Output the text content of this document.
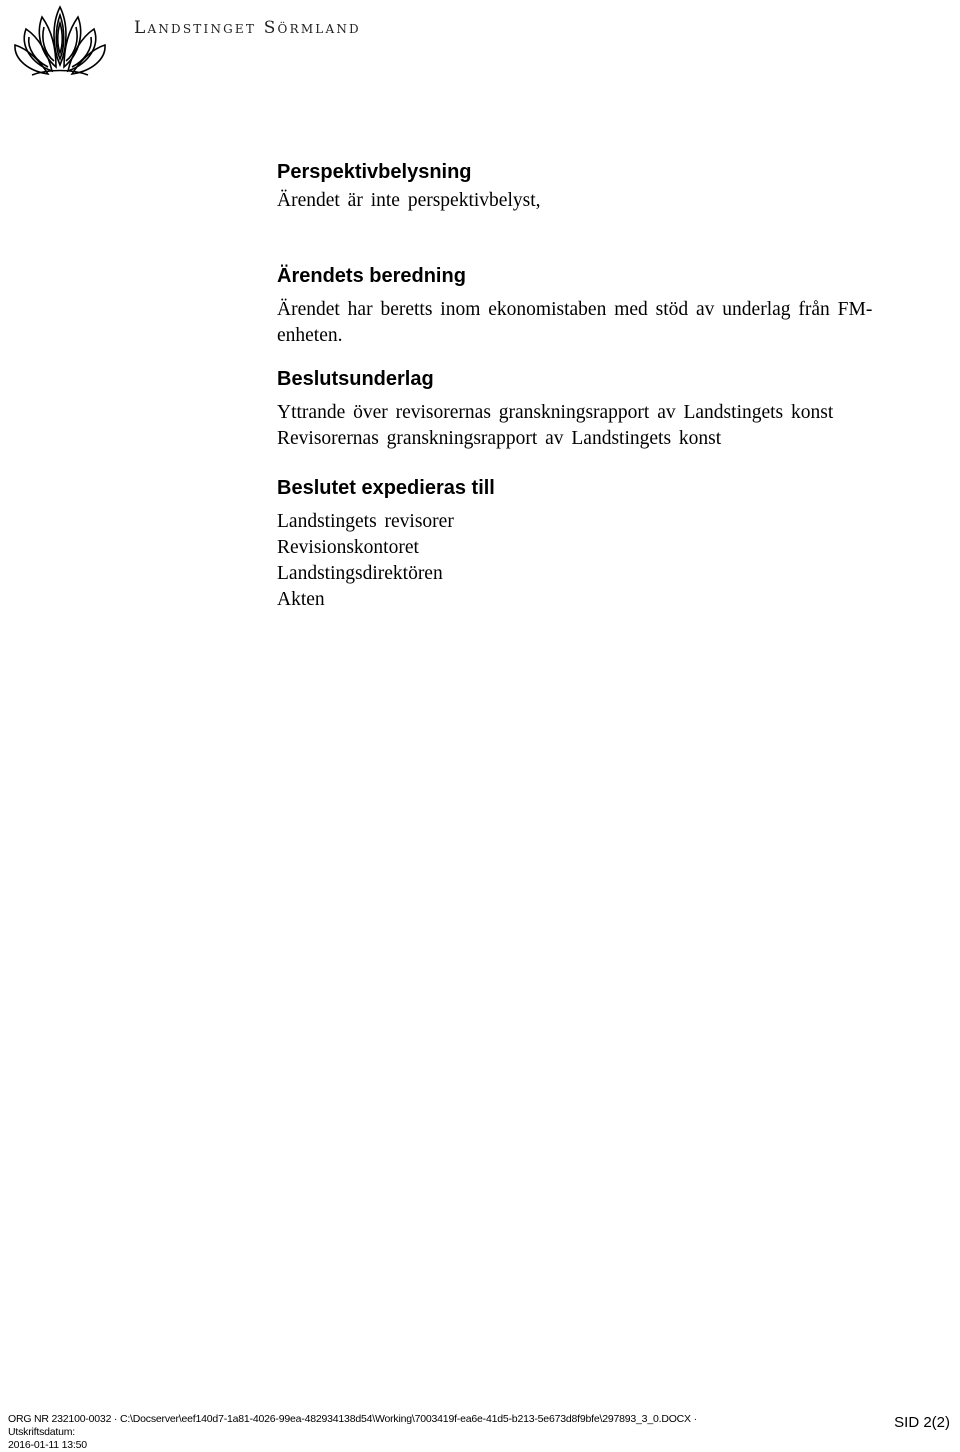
Landstinget Sörmland
Perspektivbelysning

Ärendet är inte perspektivbelyst,

Ärendets beredning

Ärendet har beretts inom ekonomistaben med stöd av underlag från FM-enheten.

Beslutsunderlag

Yttrande över revisorernas granskningsrapport av Landstingets konst

Revisorernas granskningsrapport av Landstingets konst

Beslutet expedieras till

Landstingets revisorer

Revisionskontoret

Landstingsdirektören

Akten

ORG NR 232100-0032 · C:\Docserver\eef140d7-1a81-4026-99ea-482934138d54\Working\7003419f-ea6e-41d5-b213-5e673d8f9bfe\297893_3_0.DOCX · Utskriftsdatum:
2016-01-11 13:50
SID 2(2)
